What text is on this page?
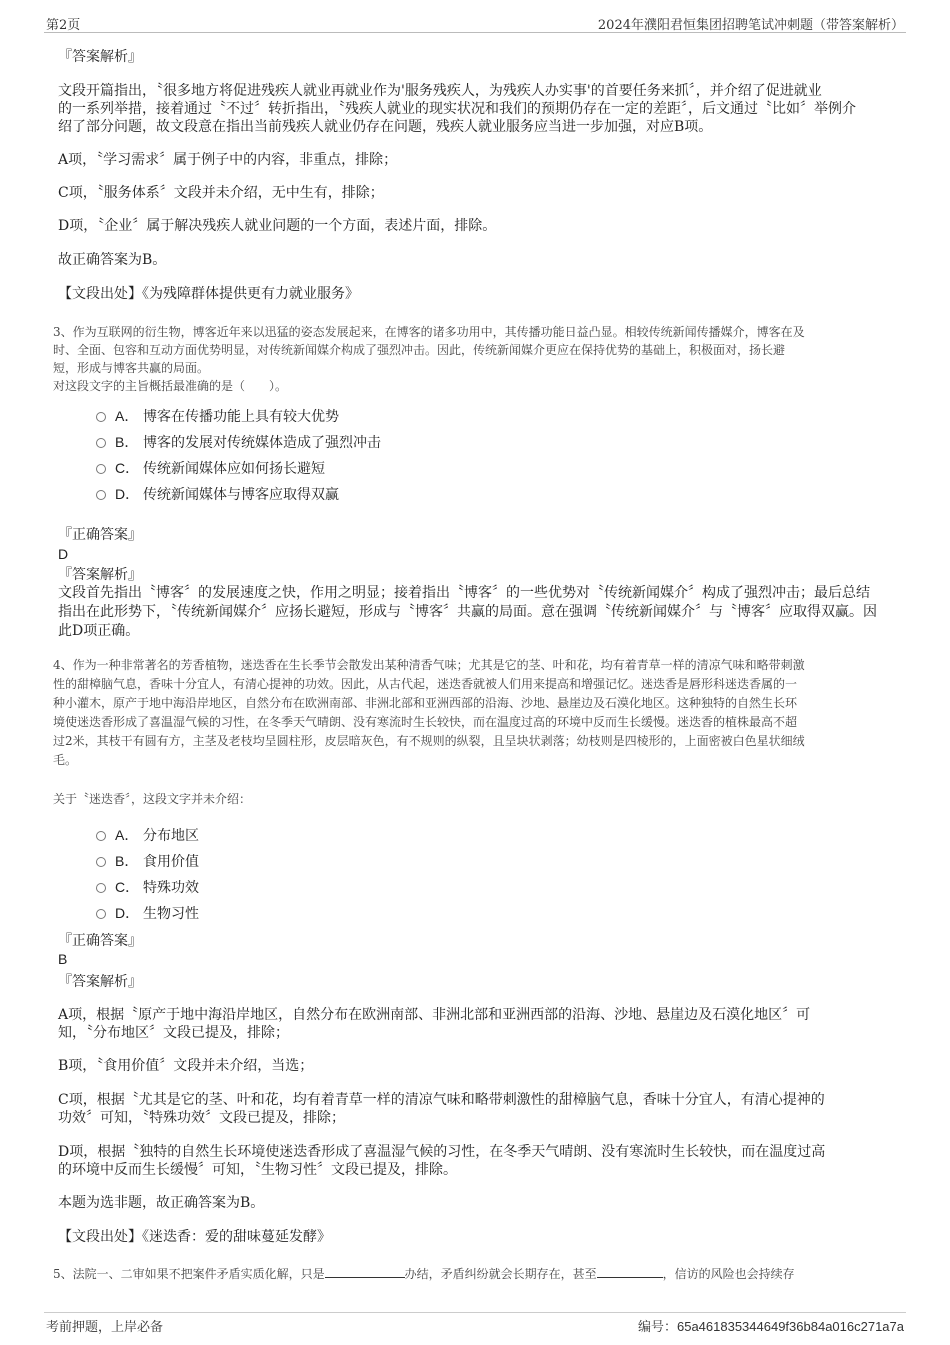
第2页	2024年濮阳君恒集团招聘笔试冲刺题（带答案解析）
『答案解析』
文段开篇指出，〝很多地方将促进残疾人就业再就业作为'服务残疾人，为残疾人办实事'的首要任务来抓〞，并介绍了促进就业
的一系列举措，接着通过〝不过〞转折指出，〝残疾人就业的现实状况和我们的预期仍存在一定的差距〞，后文通过〝比如〞举例介
绍了部分问题，故文段意在指出当前残疾人就业仍存在问题，残疾人就业服务应当进一步加强，对应B项。
A项，〝学习需求〞属于例子中的内容，非重点，排除；
C项，〝服务体系〞文段并未介绍，无中生有，排除；
D项，〝企业〞属于解决残疾人就业问题的一个方面，表述片面，排除。
故正确答案为B。
【文段出处】《为残障群体提供更有力就业服务》
3、作为互联网的衍生物，博客近年来以迅猛的姿态发展起来，在博客的诸多功用中，其传播功能日益凸显。相较传统新闻传播媒介，博客在及
时、全面、包容和互动方面优势明显，对传统新闻媒介构成了强烈冲击。因此，传统新闻媒介更应在保持优势的基础上，积极面对，扬长避
短，形成与博客共赢的局面。
对这段文字的主旨概括最准确的是（　　）。
A． 博客在传播功能上具有较大优势
B． 博客的发展对传统媒体造成了强烈冲击
C． 传统新闻媒体应如何扬长避短
D． 传统新闻媒体与博客应取得双赢
『正确答案』
D
『答案解析』
文段首先指出〝博客〞的发展速度之快，作用之明显；接着指出〝博客〞的一些优势对〝传统新闻媒介〞构成了强烈冲击；最后总结
指出在此形势下，〝传统新闻媒介〞应扬长避短，形成与〝博客〞共赢的局面。意在强调〝传统新闻媒介〞与〝博客〞应取得双赢。因
此D项正确。
4、作为一种非常著名的芳香植物，迷迭香在生长季节会散发出某种清香气味；尤其是它的茎、叶和花，均有着青草一样的清凉气味和略带刺激
性的甜樟脑气息，香味十分宜人，有清心提神的功效。因此，从古代起，迷迭香就被人们用来提高和增强记忆。迷迭香是唇形科迷迭香属的一
种小灌木，原产于地中海沿岸地区，自然分布在欧洲南部、非洲北部和亚洲西部的沿海、沙地、悬崖边及石漠化地区。这种独特的自然生长环
境使迷迭香形成了喜温湿气候的习性，在冬季天气晴朗、没有寒流时生长较快，而在温度过高的环境中反而生长缓慢。迷迭香的植株最高不超
过2米，其枝干有圆有方，主茎及老枝均呈圆柱形，皮层暗灰色，有不规则的纵裂，且呈块状剥落；幼枝则是四棱形的，上面密被白色星状细绒
毛。
关于〝迷迭香〞，这段文字并未介绍：
A． 分布地区
B． 食用价值
C． 特殊功效
D． 生物习性
『正确答案』
B
『答案解析』
A项，根据〝原产于地中海沿岸地区，自然分布在欧洲南部、非洲北部和亚洲西部的沿海、沙地、悬崖边及石漠化地区〞可
知，〝分布地区〞文段已提及，排除；
B项，〝食用价值〞文段并未介绍，当选；
C项，根据〝尤其是它的茎、叶和花，均有着青草一样的清凉气味和略带刺激性的甜樟脑气息，香味十分宜人，有清心提神的
功效〞可知，〝特殊功效〞文段已提及，排除；
D项，根据〝独特的自然生长环境使迷迭香形成了喜温湿气候的习性，在冬季天气晴朗、没有寒流时生长较快，而在温度过高
的环境中反而生长缓慢〞可知，〝生物习性〞文段已提及，排除。
本题为选非题，故正确答案为B。
【文段出处】《迷迭香：爱的甜味蔓延发酵》
5、法院一、二审如果不把案件矛盾实质化解，只是	办结，矛盾纠纷就会长期存在，甚至	，信访的风险也会持续存
考前押题，上岸必备	编号：65a461835344649f36b84a016c271a7a
